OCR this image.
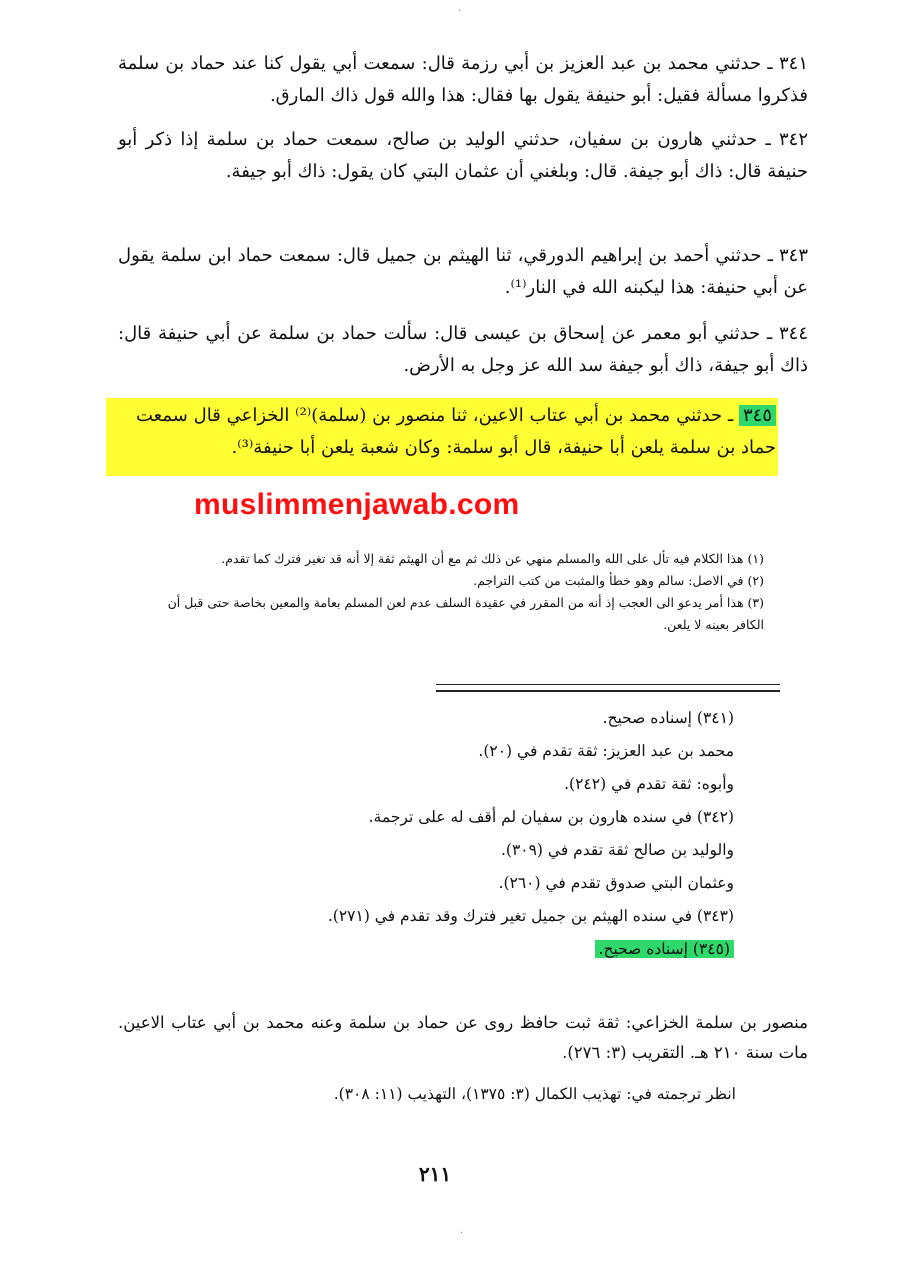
٣٤١ ـ حدثني محمد بن عبد العزيز بن أبي رزمة قال: سمعت أبي يقول كنا عند حماد بن سلمة فذكروا مسألة فقيل: أبو حنيفة يقول بها فقال: هذا والله قول ذاك المارق.
٣٤٢ ـ حدثني هارون بن سفيان، حدثني الوليد بن صالح، سمعت حماد بن سلمة إذا ذكر أبو حنيفة قال: ذاك أبو جيفة. قال: وبلغني أن عثمان البتي كان يقول: ذاك أبو جيفة.
٣٤٣ ـ حدثني أحمد بن إبراهيم الدورقي، ثنا الهيثم بن جميل قال: سمعت حماد ابن سلمة يقول عن أبي حنيفة: هذا ليكبنه الله في النار⁽¹⁾.
٣٤٤ ـ حدثني أبو معمر عن إسحاق بن عيسى قال: سألت حماد بن سلمة عن أبي حنيفة قال: ذاك أبو جيفة، ذاك أبو جيفة سد الله عز وجل به الأرض.
٣٤٥ ـ حدثني محمد بن أبي عتاب الاعين، ثنا منصور بن (سلمة)⁽²⁾ الخزاعي قال سمعت حماد بن سلمة يلعن أبا حنيفة، قال أبو سلمة: وكان شعبة يلعن أبا حنيفة⁽³⁾.
muslimmenjawab.com
(١) هذا الكلام فيه تأل على الله والمسلم منهي عن ذلك ثم مع أن الهيثم ثقة إلا أنه قد تغير فترك كما تقدم.
(٢) في الاصل: سالم وهو خطأ والمثبت من كتب التراجم.
(٣) هذا أمر يدعو الى العجب إذ أنه من المقرر في عقيدة السلف عدم لعن المسلم بعامة والمعين بخاصة حتى قبل أن الكافر بعينه لا يلعن.
(٣٤١) إسناده صحيح.
محمد بن عبد العزيز: ثقة تقدم في (٢٠).
وأبوه: ثقة تقدم في (٢٤٢).
(٣٤٢) في سنده هارون بن سفيان لم أقف له على ترجمة.
والوليد بن صالح ثقة تقدم في (٣٠٩).
وعثمان البتي صدوق تقدم في (٢٦٠).
(٣٤٣) في سنده الهيثم بن جميل تغير فترك وقد تقدم في (٢٧١).
(٣٤٥) إسناده صحيح.
منصور بن سلمة الخزاعي: ثقة ثبت حافظ روى عن حماد بن سلمة وعنه محمد بن أبي عتاب الاعين. مات سنة ٢١٠ هـ. التقريب (٣: ٢٧٦).
انظر ترجمته في: تهذيب الكمال (٣: ١٣٧٥)، التهذيب (١١: ٣٠٨).
٢١١
·
·
